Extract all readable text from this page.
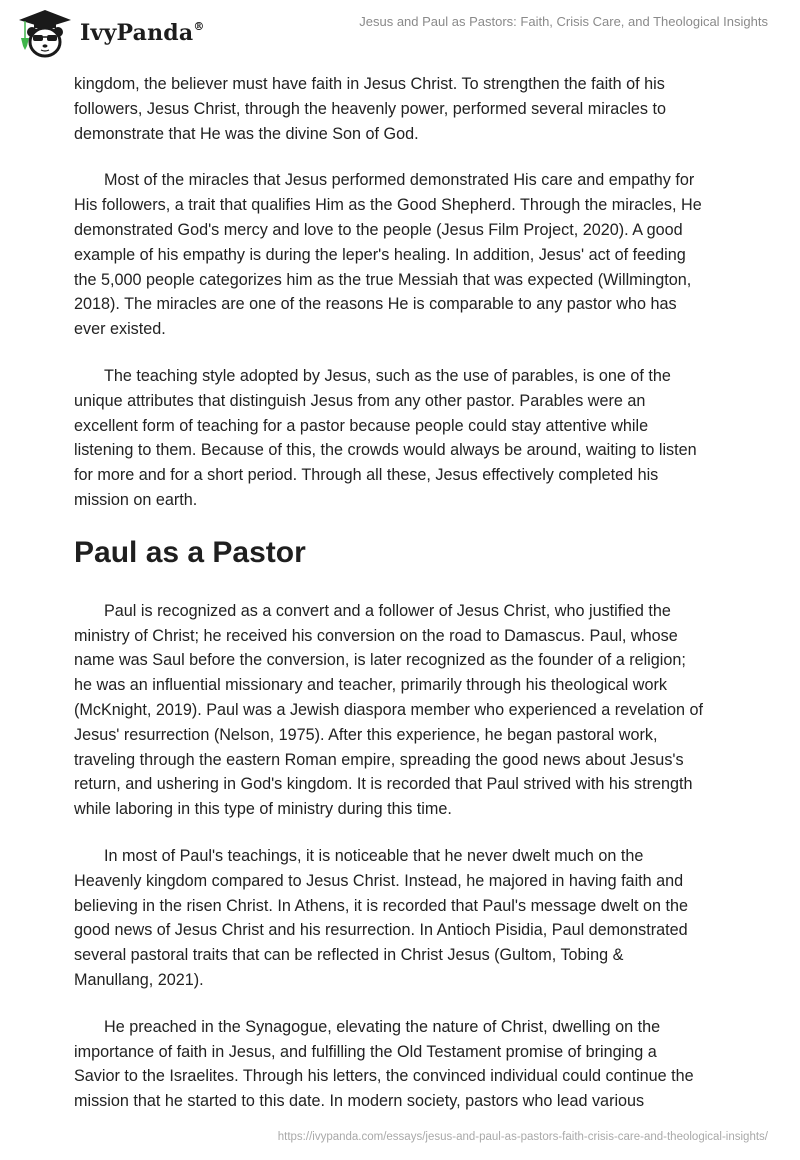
IvyPanda®	Jesus and Paul as Pastors: Faith, Crisis Care, and Theological Insights

kingdom, the believer must have faith in Jesus Christ. To strengthen the faith of his
followers, Jesus Christ, through the heavenly power, performed several miracles to
demonstrate that He was the divine Son of God.

Most of the miracles that Jesus performed demonstrated His care and empathy for
His followers, a trait that qualifies Him as the Good Shepherd. Through the miracles, He
demonstrated God's mercy and love to the people (Jesus Film Project, 2020). A good
example of his empathy is during the leper's healing. In addition, Jesus' act of feeding
the 5,000 people categorizes him as the true Messiah that was expected (Willmington,
2018). The miracles are one of the reasons He is comparable to any pastor who has
ever existed.

The teaching style adopted by Jesus, such as the use of parables, is one of the
unique attributes that distinguish Jesus from any other pastor. Parables were an
excellent form of teaching for a pastor because people could stay attentive while
listening to them. Because of this, the crowds would always be around, waiting to listen
for more and for a short period. Through all these, Jesus effectively completed his
mission on earth.

Paul as a Pastor

Paul is recognized as a convert and a follower of Jesus Christ, who justified the
ministry of Christ; he received his conversion on the road to Damascus. Paul, whose
name was Saul before the conversion, is later recognized as the founder of a religion;
he was an influential missionary and teacher, primarily through his theological work
(McKnight, 2019). Paul was a Jewish diaspora member who experienced a revelation of
Jesus' resurrection (Nelson, 1975). After this experience, he began pastoral work,
traveling through the eastern Roman empire, spreading the good news about Jesus's
return, and ushering in God's kingdom. It is recorded that Paul strived with his strength
while laboring in this type of ministry during this time.

In most of Paul's teachings, it is noticeable that he never dwelt much on the
Heavenly kingdom compared to Jesus Christ. Instead, he majored in having faith and
believing in the risen Christ. In Athens, it is recorded that Paul's message dwelt on the
good news of Jesus Christ and his resurrection. In Antioch Pisidia, Paul demonstrated
several pastoral traits that can be reflected in Christ Jesus (Gultom, Tobing &
Manullang, 2021).

He preached in the Synagogue, elevating the nature of Christ, dwelling on the
importance of faith in Jesus, and fulfilling the Old Testament promise of bringing a
Savior to the Israelites. Through his letters, the convinced individual could continue the
mission that he started to this date. In modern society, pastors who lead various

https://ivypanda.com/essays/jesus-and-paul-as-pastors-faith-crisis-care-and-theological-insights/
